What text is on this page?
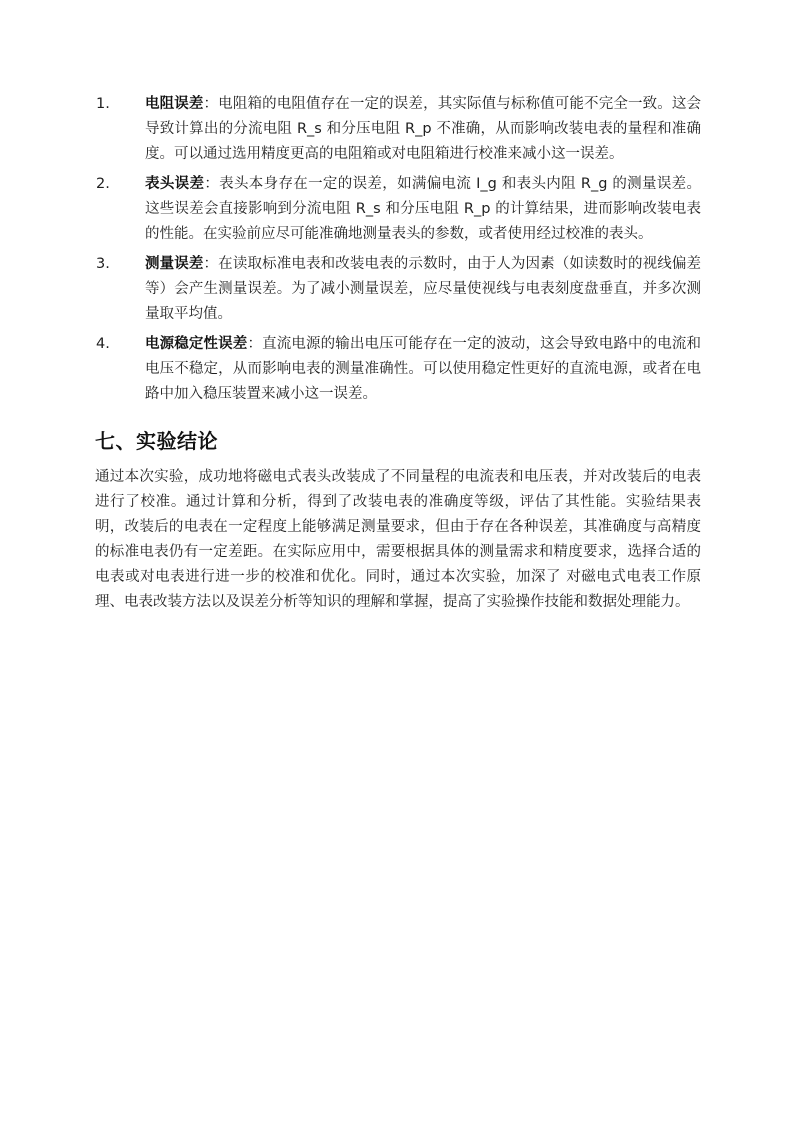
1.	电阻误差：电阻箱的电阻值存在一定的误差，其实际值与标称值可能不完全一致。这会导致计算出的分流电阻 R_s 和分压电阻 R_p 不准确，从而影响改装电表的量程和准确度。可以通过选用精度更高的电阻箱或对电阻箱进行校准来减小这一误差。
2.	表头误差：表头本身存在一定的误差，如满偏电流 I_g 和表头内阻 R_g 的测量误差。这些误差会直接影响到分流电阻 R_s 和分压电阻 R_p 的计算结果，进而影响改装电表的性能。在实验前应尽可能准确地测量表头的参数，或者使用经过校准的表头。
3.	测量误差：在读取标准电表和改装电表的示数时，由于人为因素（如读数时的视线偏差等）会产生测量误差。为了减小测量误差，应尽量使视线与电表刻度盘垂直，并多次测量取平均值。
4.	电源稳定性误差：直流电源的输出电压可能存在一定的波动，这会导致电路中的电流和电压不稳定，从而影响电表的测量准确性。可以使用稳定性更好的直流电源，或者在电路中加入稳压装置来减小这一误差。
七、实验结论

通过本次实验，成功地将磁电式表头改装成了不同量程的电流表和电压表，并对改装后的电表进行了校准。通过计算和分析，得到了改装电表的准确度等级，评估了其性能。实验结果表明，改装后的电表在一定程度上能够满足测量要求，但由于存在各种误差，其准确度与高精度的标准电表仍有一定差距。在实际应用中，需要根据具体的测量需求和精度要求，选择合适的电表或对电表进行进一步的校准和优化。同时，通过本次实验，加深了 对磁电式电表工作原理、电表改装方法以及误差分析等知识的理解和掌握，提高了实验操作技能和数据处理能力。
